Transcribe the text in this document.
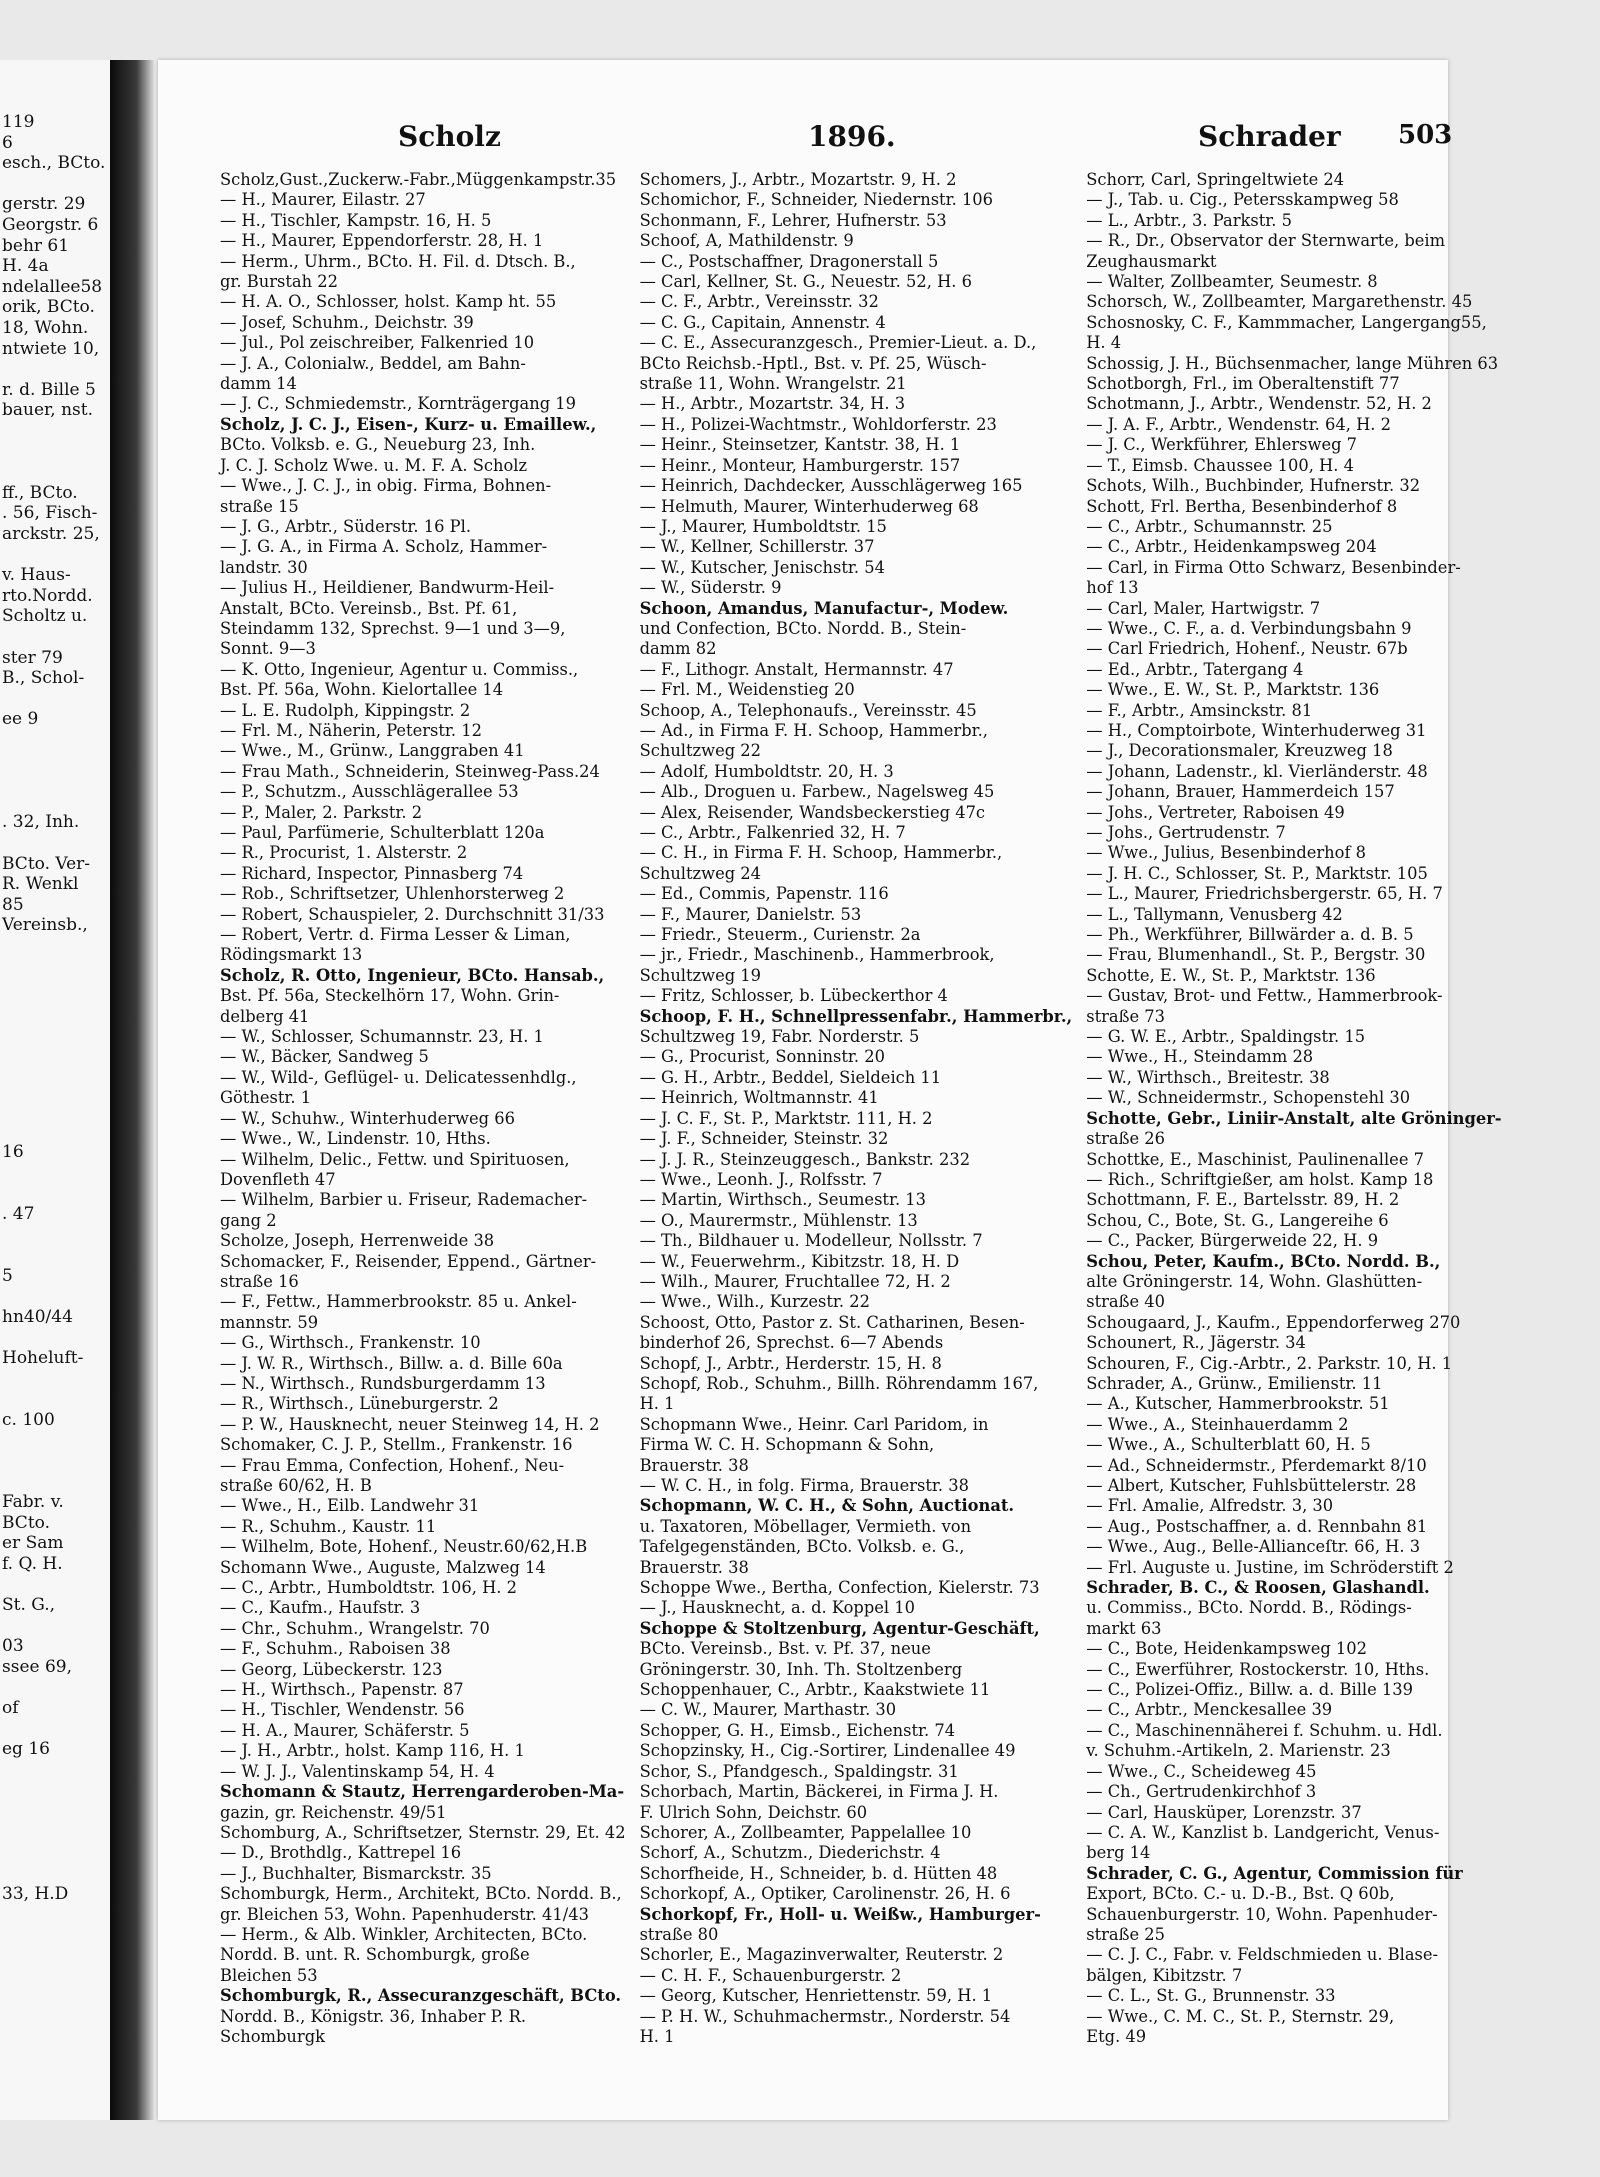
119
6
esch., BCto.
gerstr. 29
Georgstr. 6
behr 61
H. 4a
ndelallee58
orik, BCto.
18, Wohn.
ntwiete 10,
r. d. Bille 5
bauer, nst.
ff., BCto.
. 56, Fisch-
arckstr. 25,
v. Haus-
rto.Nordd.
Scholtz u.
ster 79
B., Schol-
ee 9
. 32, Inh.
BCto. Ver-
R. Wenkl
85
Vereinsb.,
16
. 47
5
hn40/44
Hoheluft-
c. 100
Fabr. v.
BCto.
er Sam
f. Q. H.
St. G.,
03
ssee 69,
of
eg 16
33, H.D
Scholz	1896.	Schrader 503
Scholz,Gust.,Zuckerw.-Fabr.,Müggenkampstr.35
— H., Maurer, Eilastr. 27
— H., Tischler, Kampstr. 16, H. 5
— H., Maurer, Eppendorferstr. 28, H. 1
— Herm., Uhrm., BCto. H. Fil. d. Dtsch. B.,
gr. Burstah 22
— H. A. O., Schlosser, holst. Kamp ht. 55
— Josef, Schuhm., Deichstr. 39
— Jul., Pol zeischreiber, Falkenried 10
— J. A., Colonialw., Beddel, am Bahn-
damm 14
— J. C., Schmiedemstr., Kornträgergang 19
Scholz, J. C. J., Eisen-, Kurz- u. Emaillew.,
BCto. Volksb. e. G., Neueburg 23, Inh.
J. C. J. Scholz Wwe. u. M. F. A. Scholz
— Wwe., J. C. J., in obig. Firma, Bohnen-
straße 15
— J. G., Arbtr., Süderstr. 16 Pl.
— J. G. A., in Firma A. Scholz, Hammer-
landstr. 30
— Julius H., Heildiener, Bandwurm-Heil-
Anstalt, BCto. Vereinsb., Bst. Pf. 61,
Steindamm 132, Sprechst. 9—1 und 3—9,
Sonnt. 9—3
— K. Otto, Ingenieur, Agentur u. Commiss.,
Bst. Pf. 56a, Wohn. Kielortallee 14
— L. E. Rudolph, Kippingstr. 2
— Frl. M., Näherin, Peterstr. 12
— Wwe., M., Grünw., Langgraben 41
— Frau Math., Schneiderin, Steinweg-Pass.24
— P., Schutzm., Ausschlägerallee 53
— P., Maler, 2. Parkstr. 2
— Paul, Parfümerie, Schulterblatt 120a
— R., Procurist, 1. Alsterstr. 2
— Richard, Inspector, Pinnasberg 74
— Rob., Schriftsetzer, Uhlenhorsterweg 2
— Robert, Schauspieler, 2. Durchschnitt 31/33
— Robert, Vertr. d. Firma Lesser & Liman,
Rödingsmarkt 13
Scholz, R. Otto, Ingenieur, BCto. Hansab.,
Bst. Pf. 56a, Steckelhörn 17, Wohn. Grin-
delberg 41
— W., Schlosser, Schumannstr. 23, H. 1
— W., Bäcker, Sandweg 5
— W., Wild-, Geflügel- u. Delicatessenhdlg.,
Göthestr. 1
— W., Schuhw., Winterhuderweg 66
— Wwe., W., Lindenstr. 10, Hths.
— Wilhelm, Delic., Fettw. und Spirituosen,
Dovenfleth 47
— Wilhelm, Barbier u. Friseur, Rademacher-
gang 2
Scholze, Joseph, Herrenweide 38
Schomacker, F., Reisender, Eppend., Gärtner-
straße 16
— F., Fettw., Hammerbrookstr. 85 u. Ankel-
mannstr. 59
— G., Wirthsch., Frankenstr. 10
— J. W. R., Wirthsch., Billw. a. d. Bille 60a
— N., Wirthsch., Rundsburgerdamm 13
— R., Wirthsch., Lüneburgerstr. 2
— P. W., Hausknecht, neuer Steinweg 14, H. 2
Schomaker, C. J. P., Stellm., Frankenstr. 16
— Frau Emma, Confection, Hohenf., Neu-
straße 60/62, H. B
— Wwe., H., Eilb. Landwehr 31
— R., Schuhm., Kaustr. 11
— Wilhelm, Bote, Hohenf., Neustr.60/62,H.B
Schomann Wwe., Auguste, Malzweg 14
— C., Arbtr., Humboldtstr. 106, H. 2
— C., Kaufm., Haufstr. 3
— Chr., Schuhm., Wrangelstr. 70
— F., Schuhm., Raboisen 38
— Georg, Lübeckerstr. 123
— H., Wirthsch., Papenstr. 87
— H., Tischler, Wendenstr. 56
— H. A., Maurer, Schäferstr. 5
— J. H., Arbtr., holst. Kamp 116, H. 1
— W. J. J., Valentinskamp 54, H. 4
Schomann & Stautz, Herrengarderoben-Ma-
gazin, gr. Reichenstr. 49/51
Schomburg, A., Schriftsetzer, Sternstr. 29, Et. 42
— D., Brothdlg., Kattrepel 16
— J., Buchhalter, Bismarckstr. 35
Schomburgk, Herm., Architekt, BCto. Nordd. B.,
gr. Bleichen 53, Wohn. Papenhuderstr. 41/43
— Herm., & Alb. Winkler, Architecten, BCto.
Nordd. B. unt. R. Schomburgk, große
Bleichen 53
Schomburgk, R., Assecuranzgeschäft, BCto.
Nordd. B., Königstr. 36, Inhaber P. R.
Schomburgk
Schomers, J., Arbtr., Mozartstr. 9, H. 2
Schomichor, F., Schneider, Niedernstr. 106
Schonmann, F., Lehrer, Hufnerstr. 53
Schoof, A, Mathildenstr. 9
— C., Postschaffner, Dragonerstall 5
— Carl, Kellner, St. G., Neuestr. 52, H. 6
— C. F., Arbtr., Vereinsstr. 32
— C. G., Capitain, Annenstr. 4
— C. E., Assecuranzgesch., Premier-Lieut. a. D.,
BCto Reichsb.-Hptl., Bst. v. Pf. 25, Wüsch-
straße 11, Wohn. Wrangelstr. 21
— H., Arbtr., Mozartstr. 34, H. 3
— H., Polizei-Wachtmstr., Wohldorferstr. 23
— Heinr., Steinsetzer, Kantstr. 38, H. 1
— Heinr., Monteur, Hamburgerstr. 157
— Heinrich, Dachdecker, Ausschlägerweg 165
— Helmuth, Maurer, Winterhuderweg 68
— J., Maurer, Humboldtstr. 15
— W., Kellner, Schillerstr. 37
— W., Kutscher, Jenischstr. 54
— W., Süderstr. 9
Schoon, Amandus, Manufactur-, Modew.
und Confection, BCto. Nordd. B., Stein-
damm 82
— F., Lithogr. Anstalt, Hermannstr. 47
— Frl. M., Weidenstieg 20
Schoop, A., Telephonaufs., Vereinsstr. 45
— Ad., in Firma F. H. Schoop, Hammerbr.,
Schultzweg 22
— Adolf, Humboldtstr. 20, H. 3
— Alb., Droguen u. Farbew., Nagelsweg 45
— Alex, Reisender, Wandsbeckerstieg 47c
— C., Arbtr., Falkenried 32, H. 7
— C. H., in Firma F. H. Schoop, Hammerbr.,
Schultzweg 24
— Ed., Commis, Papenstr. 116
— F., Maurer, Danielstr. 53
— Friedr., Steuerm., Curienstr. 2a
— jr., Friedr., Maschinenb., Hammerbrook,
Schultzweg 19
— Fritz, Schlosser, b. Lübeckerthor 4
Schoop, F. H., Schnellpressenfabr., Hammerbr.,
Schultzweg 19, Fabr. Norderstr. 5
— G., Procurist, Sonninstr. 20
— G. H., Arbtr., Beddel, Sieldeich 11
— Heinrich, Woltmannstr. 41
— J. C. F., St. P., Marktstr. 111, H. 2
— J. F., Schneider, Steinstr. 32
— J. J. R., Steinzeuggesch., Bankstr. 232
— Wwe., Leonh. J., Rolfsstr. 7
— Martin, Wirthsch., Seumestr. 13
— O., Maurermstr., Mühlenstr. 13
— Th., Bildhauer u. Modelleur, Nollsstr. 7
— W., Feuerwehrm., Kibitzstr. 18, H. D
— Wilh., Maurer, Fruchtallee 72, H. 2
— Wwe., Wilh., Kurzestr. 22
Schoost, Otto, Pastor z. St. Catharinen, Besen-
binderhof 26, Sprechst. 6—7 Abends
Schopf, J., Arbtr., Herderstr. 15, H. 8
Schopf, Rob., Schuhm., Billh. Röhrendamm 167,
H. 1
Schopmann Wwe., Heinr. Carl Paridom, in
Firma W. C. H. Schopmann & Sohn,
Brauerstr. 38
— W. C. H., in folg. Firma, Brauerstr. 38
Schopmann, W. C. H., & Sohn, Auctionat.
u. Taxatoren, Möbellager, Vermieth. von
Tafelgegenständen, BCto. Volksb. e. G.,
Brauerstr. 38
Schoppe Wwe., Bertha, Confection, Kielerstr. 73
— J., Hausknecht, a. d. Koppel 10
Schoppe & Stoltzenburg, Agentur-Geschäft,
BCto. Vereinsb., Bst. v. Pf. 37, neue
Gröningerstr. 30, Inh. Th. Stoltzenberg
Schoppenhauer, C., Arbtr., Kaakstwiete 11
— C. W., Maurer, Marthastr. 30
Schopper, G. H., Eimsb., Eichenstr. 74
Schopzinsky, H., Cig.-Sortirer, Lindenallee 49
Schor, S., Pfandgesch., Spaldingstr. 31
Schorbach, Martin, Bäckerei, in Firma J. H.
F. Ulrich Sohn, Deichstr. 60
Schorer, A., Zollbeamter, Pappelallee 10
Schorf, A., Schutzm., Diederichstr. 4
Schorfheide, H., Schneider, b. d. Hütten 48
Schorkopf, A., Optiker, Carolinenstr. 26, H. 6
Schorkopf, Fr., Holl- u. Weißw., Hamburger-
straße 80
Schorler, E., Magazinverwalter, Reuterstr. 2
— C. H. F., Schauenburgerstr. 2
— Georg, Kutscher, Henriettenstr. 59, H. 1
— P. H. W., Schuhmachermstr., Norderstr. 54
H. 1
Schorr, Carl, Springeltwiete 24
— J., Tab. u. Cig., Petersskampweg 58
— L., Arbtr., 3. Parkstr. 5
— R., Dr., Observator der Sternwarte, beim
Zeughausmarkt
— Walter, Zollbeamter, Seumestr. 8
Schorsch, W., Zollbeamter, Margarethenstr. 45
Schosnosky, C. F., Kammmacher, Langergang55,
H. 4
Schossig, J. H., Büchsenmacher, lange Mühren 63
Schotborgh, Frl., im Oberaltenstift 77
Schotmann, J., Arbtr., Wendenstr. 52, H. 2
— J. A. F., Arbtr., Wendenstr. 64, H. 2
— J. C., Werkführer, Ehlersweg 7
— T., Eimsb. Chaussee 100, H. 4
Schots, Wilh., Buchbinder, Hufnerstr. 32
Schott, Frl. Bertha, Besenbinderhof 8
— C., Arbtr., Schumannstr. 25
— C., Arbtr., Heidenkampsweg 204
— Carl, in Firma Otto Schwarz, Besenbinder-
hof 13
— Carl, Maler, Hartwigstr. 7
— Wwe., C. F., a. d. Verbindungsbahn 9
— Carl Friedrich, Hohenf., Neustr. 67b
— Ed., Arbtr., Tatergang 4
— Wwe., E. W., St. P., Marktstr. 136
— F., Arbtr., Amsinckstr. 81
— H., Comptoirbote, Winterhuderweg 31
— J., Decorationsmaler, Kreuzweg 18
— Johann, Ladenstr., kl. Vierländerstr. 48
— Johann, Brauer, Hammerdeich 157
— Johs., Vertreter, Raboisen 49
— Johs., Gertrudenstr. 7
— Wwe., Julius, Besenbinderhof 8
— J. H. C., Schlosser, St. P., Marktstr. 105
— L., Maurer, Friedrichsbergerstr. 65, H. 7
— L., Tallymann, Venusberg 42
— Ph., Werkführer, Billwärder a. d. B. 5
— Frau, Blumenhandl., St. P., Bergstr. 30
Schotte, E. W., St. P., Marktstr. 136
— Gustav, Brot- und Fettw., Hammerbrook-
straße 73
— G. W. E., Arbtr., Spaldingstr. 15
— Wwe., H., Steindamm 28
— W., Wirthsch., Breitestr. 38
— W., Schneidermstr., Schopenstehl 30
Schotte, Gebr., Liniir-Anstalt, alte Gröninger-
straße 26
Schottke, E., Maschinist, Paulinenallee 7
— Rich., Schriftgießer, am holst. Kamp 18
Schottmann, F. E., Bartelsstr. 89, H. 2
Schou, C., Bote, St. G., Langereihe 6
— C., Packer, Bürgerweide 22, H. 9
Schou, Peter, Kaufm., BCto. Nordd. B.,
alte Gröningerstr. 14, Wohn. Glashütten-
straße 40
Schougaard, J., Kaufm., Eppendorferweg 270
Schounert, R., Jägerstr. 34
Schouren, F., Cig.-Arbtr., 2. Parkstr. 10, H. 1
Schrader, A., Grünw., Emilienstr. 11
— A., Kutscher, Hammerbrookstr. 51
— Wwe., A., Steinhauerdamm 2
— Wwe., A., Schulterblatt 60, H. 5
— Ad., Schneidermstr., Pferdemarkt 8/10
— Albert, Kutscher, Fuhlsbüttelerstr. 28
— Frl. Amalie, Alfredstr. 3, 30
— Aug., Postschaffner, a. d. Rennbahn 81
— Wwe., Aug., Belle-Allianceſtr. 66, H. 3
— Frl. Auguste u. Justine, im Schröderstift 2
Schrader, B. C., & Roosen, Glashandl.
u. Commiss., BCto. Nordd. B., Rödings-
markt 63
— C., Bote, Heidenkampsweg 102
— C., Ewerführer, Rostockerstr. 10, Hths.
— C., Polizei-Offiz., Billw. a. d. Bille 139
— C., Arbtr., Menckesallee 39
— C., Maschinennäherei f. Schuhm. u. Hdl.
v. Schuhm.-Artikeln, 2. Marienstr. 23
— Wwe., C., Scheideweg 45
— Ch., Gertrudenkirchhof 3
— Carl, Hausküper, Lorenzstr. 37
— C. A. W., Kanzlist b. Landgericht, Venus-
berg 14
Schrader, C. G., Agentur, Commission für
Export, BCto. C.- u. D.-B., Bst. Q 60b,
Schauenburgerstr. 10, Wohn. Papenhuder-
straße 25
— C. J. C., Fabr. v. Feldschmieden u. Blase-
bälgen, Kibitzstr. 7
— C. L., St. G., Brunnenstr. 33
— Wwe., C. M. C., St. P., Sternstr. 29,
Etg. 49
